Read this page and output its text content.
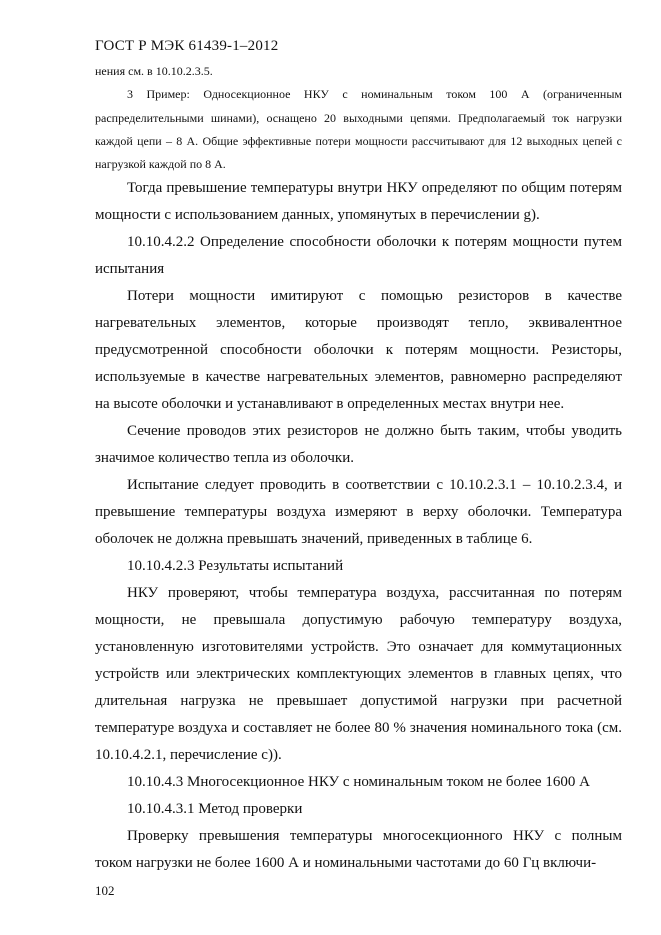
ГОСТ Р МЭК 61439-1–2012

нения см. в 10.10.2.3.5.

3 Пример: Односекционное НКУ с номинальным током 100 А (ограниченным распределительными шинами), оснащено 20 выходными цепями. Предполагаемый ток нагрузки каждой цепи – 8 А. Общие эффективные потери мощности рассчитывают для 12 выходных цепей с нагрузкой каждой по 8 А.

Тогда превышение температуры внутри НКУ определяют по общим потерям мощности с использованием данных, упомянутых в перечислении g).

10.10.4.2.2 Определение способности оболочки к потерям мощности путем испытания

Потери мощности имитируют с помощью резисторов в качестве нагревательных элементов, которые производят тепло, эквивалентное предусмотренной способности оболочки к потерям мощности. Резисторы, используемые в качестве нагревательных элементов, равномерно распределяют на высоте оболочки и устанавливают в определенных местах внутри нее.

Сечение проводов этих резисторов не должно быть таким, чтобы уводить значимое количество тепла из оболочки.

Испытание следует проводить в соответствии с 10.10.2.3.1 – 10.10.2.3.4, и превышение температуры воздуха измеряют в верху оболочки. Температура оболочек не должна превышать значений, приведенных в таблице 6.

10.10.4.2.3 Результаты испытаний

НКУ проверяют, чтобы температура воздуха, рассчитанная по потерям мощности, не превышала допустимую рабочую температуру воздуха, установленную изготовителями устройств. Это означает для коммутационных устройств или электрических комплектующих элементов в главных цепях, что длительная нагрузка не превышает допустимой нагрузки при расчетной температуре воздуха и составляет не более 80 % значения номинального тока (см. 10.10.4.2.1, перечисление с)).

10.10.4.3 Многосекционное НКУ с номинальным током не более 1600 А

10.10.4.3.1 Метод проверки

Проверку превышения температуры многосекционного НКУ с полным током нагрузки не более 1600 А и номинальными частотами до 60 Гц включи-

102
